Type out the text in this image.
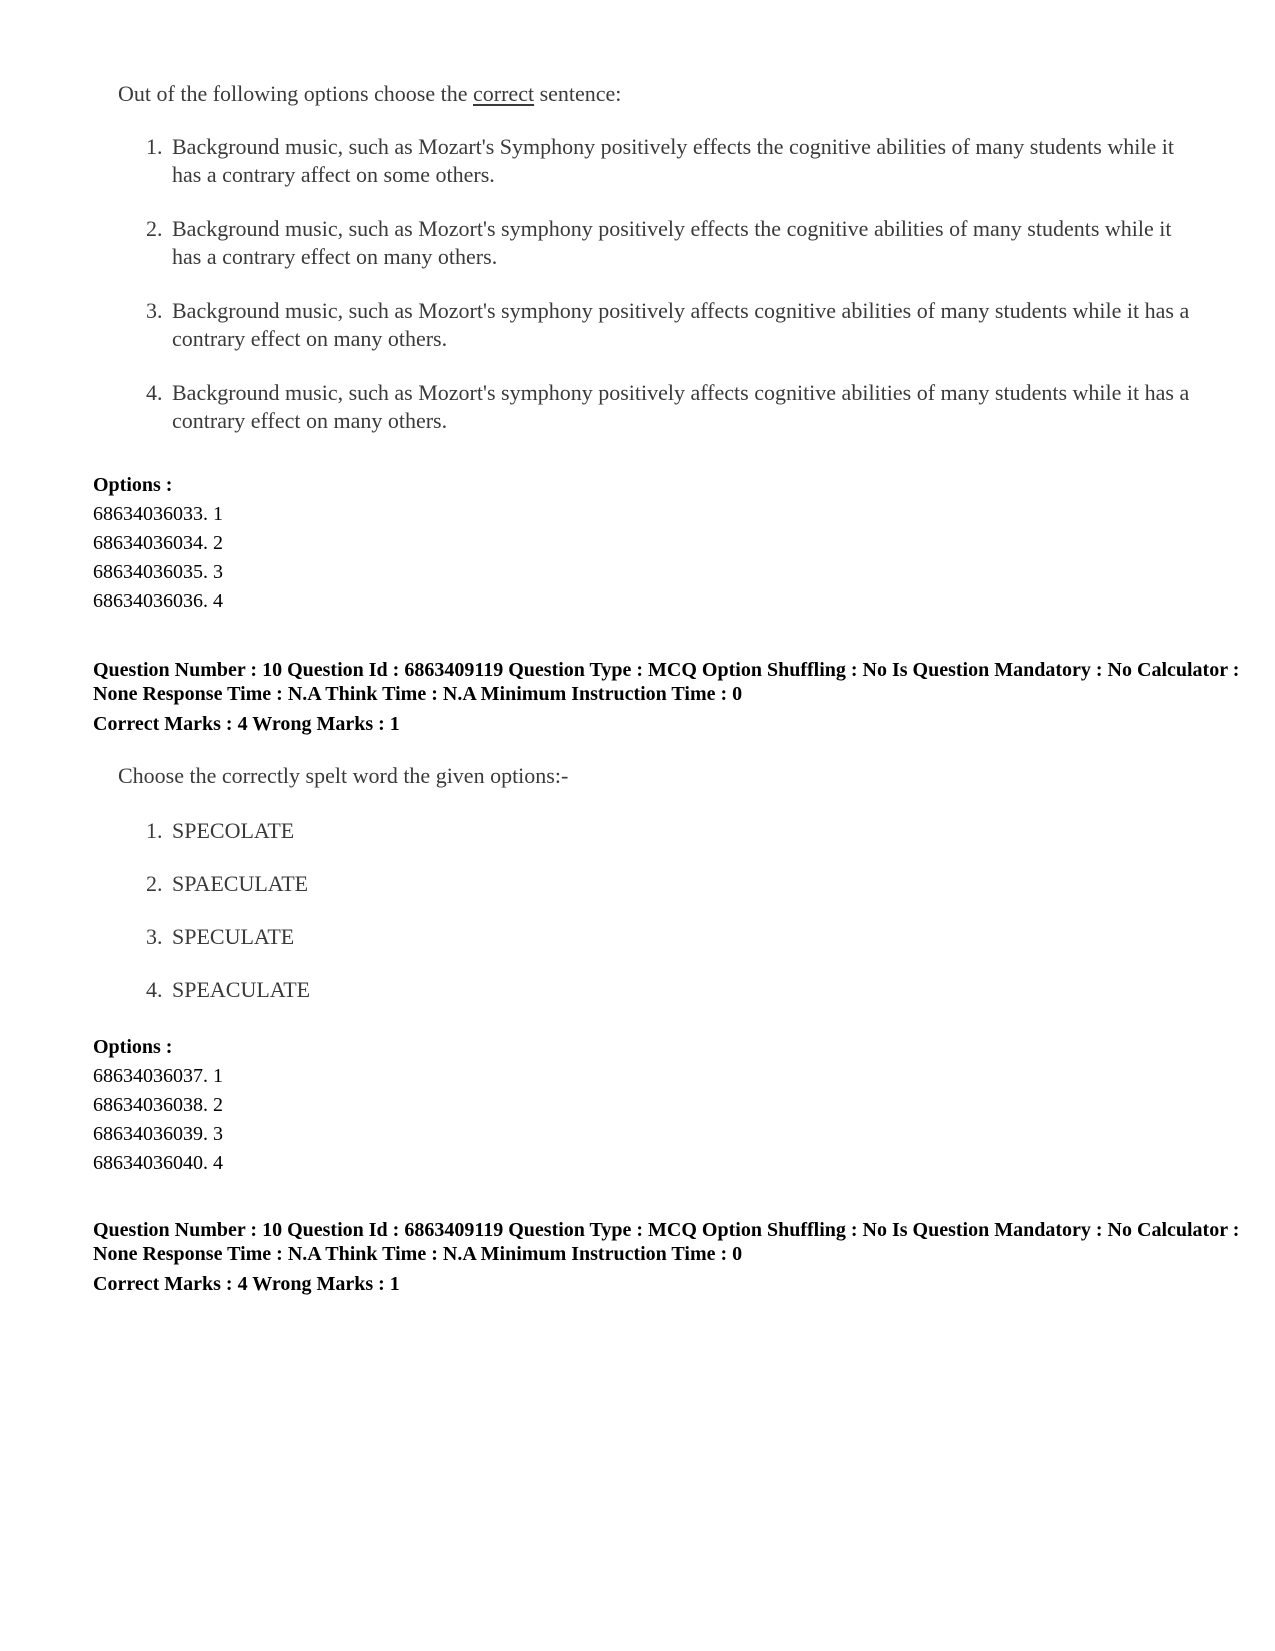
Out of the following options choose the correct sentence:

1. Background music, such as Mozart's Symphony positively effects the cognitive abilities of many students while it has a contrary affect on some others.
2. Background music, such as Mozort's symphony positively effects the cognitive abilities of many students while it has a contrary effect on many others.
3. Background music, such as Mozort's symphony positively affects cognitive abilities of many students while it has a contrary effect on many others.
4. Background music, such as Mozort's symphony positively affects cognitive abilities of many students while it has a contrary effect on many others.
Options :
68634036033. 1
68634036034. 2
68634036035. 3
68634036036. 4
Question Number : 10 Question Id : 6863409119 Question Type : MCQ Option Shuffling : No Is Question Mandatory : No Calculator : None Response Time : N.A Think Time : N.A Minimum Instruction Time : 0
Correct Marks : 4 Wrong Marks : 1

Choose the correctly spelt word the given options:-

1. SPECOLATE
2. SPAECULATE
3. SPECULATE
4. SPEACULATE
Options :
68634036037. 1
68634036038. 2
68634036039. 3
68634036040. 4
Question Number : 10 Question Id : 6863409119 Question Type : MCQ Option Shuffling : No Is Question Mandatory : No Calculator : None Response Time : N.A Think Time : N.A Minimum Instruction Time : 0
Correct Marks : 4 Wrong Marks : 1
